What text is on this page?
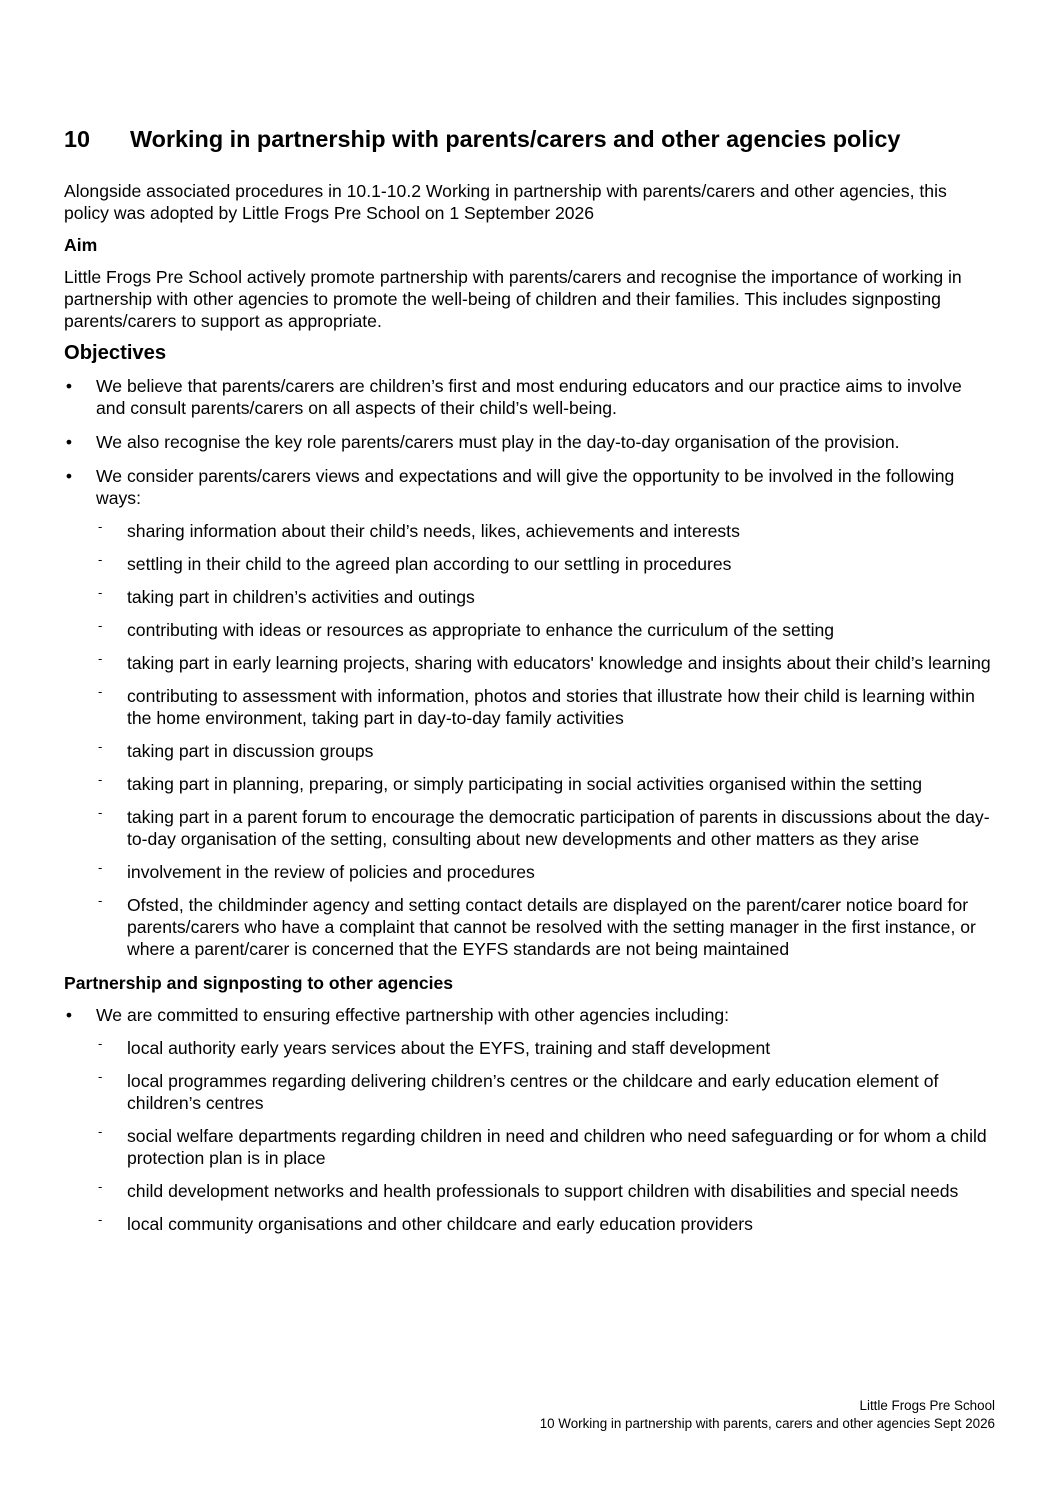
10	Working in partnership with parents/carers and other agencies policy

Alongside associated procedures in 10.1-10.2 Working in partnership with parents/carers and other agencies, this policy was adopted by Little Frogs Pre School on 1 September 2026

Aim

Little Frogs Pre School actively promote partnership with parents/carers and recognise the importance of working in partnership with other agencies to promote the well-being of children and their families. This includes signposting parents/carers to support as appropriate.

Objectives

• We believe that parents/carers are children’s first and most enduring educators and our practice aims to involve and consult parents/carers on all aspects of their child’s well-being.
• We also recognise the key role parents/carers must play in the day-to-day organisation of the provision.
• We consider parents/carers views and expectations and will give the opportunity to be involved in the following ways:
- sharing information about their child’s needs, likes, achievements and interests
- settling in their child to the agreed plan according to our settling in procedures
- taking part in children’s activities and outings
- contributing with ideas or resources as appropriate to enhance the curriculum of the setting
- taking part in early learning projects, sharing with educators' knowledge and insights about their child’s learning
- contributing to assessment with information, photos and stories that illustrate how their child is learning within the home environment, taking part in day-to-day family activities
- taking part in discussion groups
- taking part in planning, preparing, or simply participating in social activities organised within the setting
- taking part in a parent forum to encourage the democratic participation of parents in discussions about the day-to-day organisation of the setting, consulting about new developments and other matters as they arise
- involvement in the review of policies and procedures
- Ofsted, the childminder agency and setting contact details are displayed on the parent/carer notice board for parents/carers who have a complaint that cannot be resolved with the setting manager in the first instance, or where a parent/carer is concerned that the EYFS standards are not being maintained

Partnership and signposting to other agencies

• We are committed to ensuring effective partnership with other agencies including:
- local authority early years services about the EYFS, training and staff development
- local programmes regarding delivering children’s centres or the childcare and early education element of children’s centres
- social welfare departments regarding children in need and children who need safeguarding or for whom a child protection plan is in place
- child development networks and health professionals to support children with disabilities and special needs
- local community organisations and other childcare and early education providers
Little Frogs Pre School
10 Working in partnership with parents, carers and other agencies Sept 2026
